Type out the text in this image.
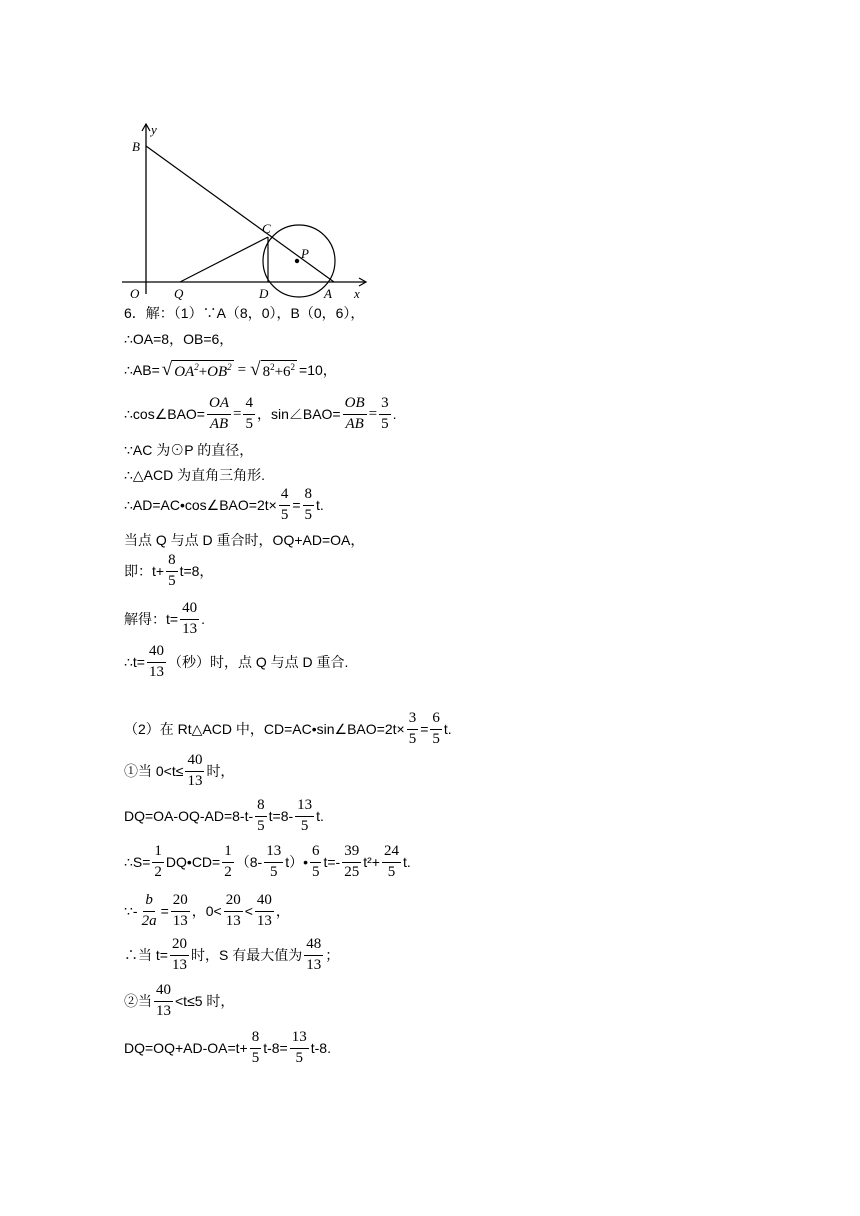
y
B
C
P
O	Q	D	A x
6．解：（1）∵A（8，0），B（0，6），
∴OA=8，OB=6，
∴AB= √ $OA^2+OB^2$ = √ $8^2+6^2 =10$，
∴cos∠BAO= $\frac{OA}{AB} = \frac{4}{5}$ ，sin∠BAO= $\frac{OB}{AB} = \frac{3}{5}$ .
∵AC 为⊙P 的直径，
∴△ACD 为直角三角形.
∴AD=AC•cos∠BAO=2t× $\frac{4}{5} = \frac{8}{5} t$.
当点 Q 与点 D 重合时，OQ+AD=OA，
即：$t+ \frac{8}{5} t=8$，
解得：$t= \frac{40}{13}$ .
∴t= $\frac{40}{13}$ （秒）时，点 Q 与点 D 重合.
（2）在 Rt△ACD 中，CD=AC•sin∠BAO=2t× $\frac{3}{5} = \frac{6}{5} t$.
①当 $0<t\le \frac{40}{13}$ 时，
$DQ=OA-OQ-AD=8-t- \frac{8}{5} t=8- \frac{13}{5} t$.
∴S= $\frac{1}{2}$ DQ•CD= $\frac{1}{2} (8- \frac{13}{5}$ t）• $\frac{6}{5} t=- \frac{39}{25} t^2+ \frac{24}{5} t$.
∵- $\frac{b}{2a} = \frac{20}{13}$ ，$0< \frac{20}{13} < \frac{40}{13}$ ，
∴当 $t= \frac{20}{13}$ 时，S 有最大值为 $\frac{48}{13}$ ；
②当 $\frac{40}{13} <t\le 5$ 时，
$DQ=OQ+AD-OA=t+ \frac{8}{5} t-8= \frac{13}{5} t-8$.
